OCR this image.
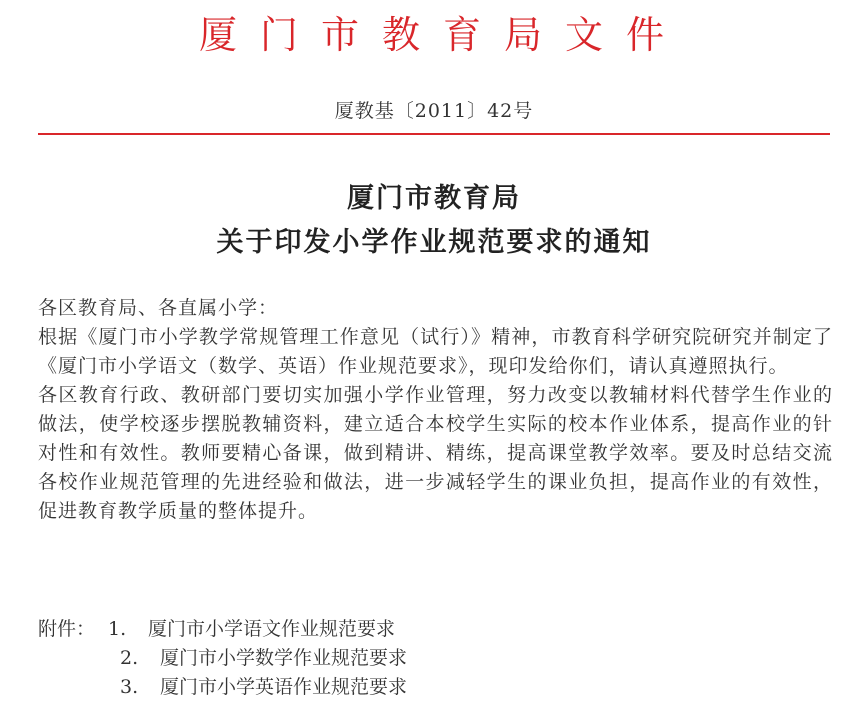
厦门市教育局文件
厦教基〔2011〕42号
厦门市教育局
关于印发小学作业规范要求的通知

各区教育局、各直属小学：

根据《厦门市小学教学常规管理工作意见（试行）》精神，市教育科学研究院研究并制定了《厦门市小学语文（数学、英语）作业规范要求》，现印发给你们，请认真遵照执行。

各区教育行政、教研部门要切实加强小学作业管理，努力改变以教辅材料代替学生作业的做法，使学校逐步摆脱教辅资料，建立适合本校学生实际的校本作业体系，提高作业的针对性和有效性。教师要精心备课，做到精讲、精练，提高课堂教学效率。要及时总结交流各校作业规范管理的先进经验和做法，进一步减轻学生的课业负担，提高作业的有效性，促进教育教学质量的整体提升。

附件： 1.	厦门市小学语文作业规范要求
2.	厦门市小学数学作业规范要求
3.	厦门市小学英语作业规范要求
